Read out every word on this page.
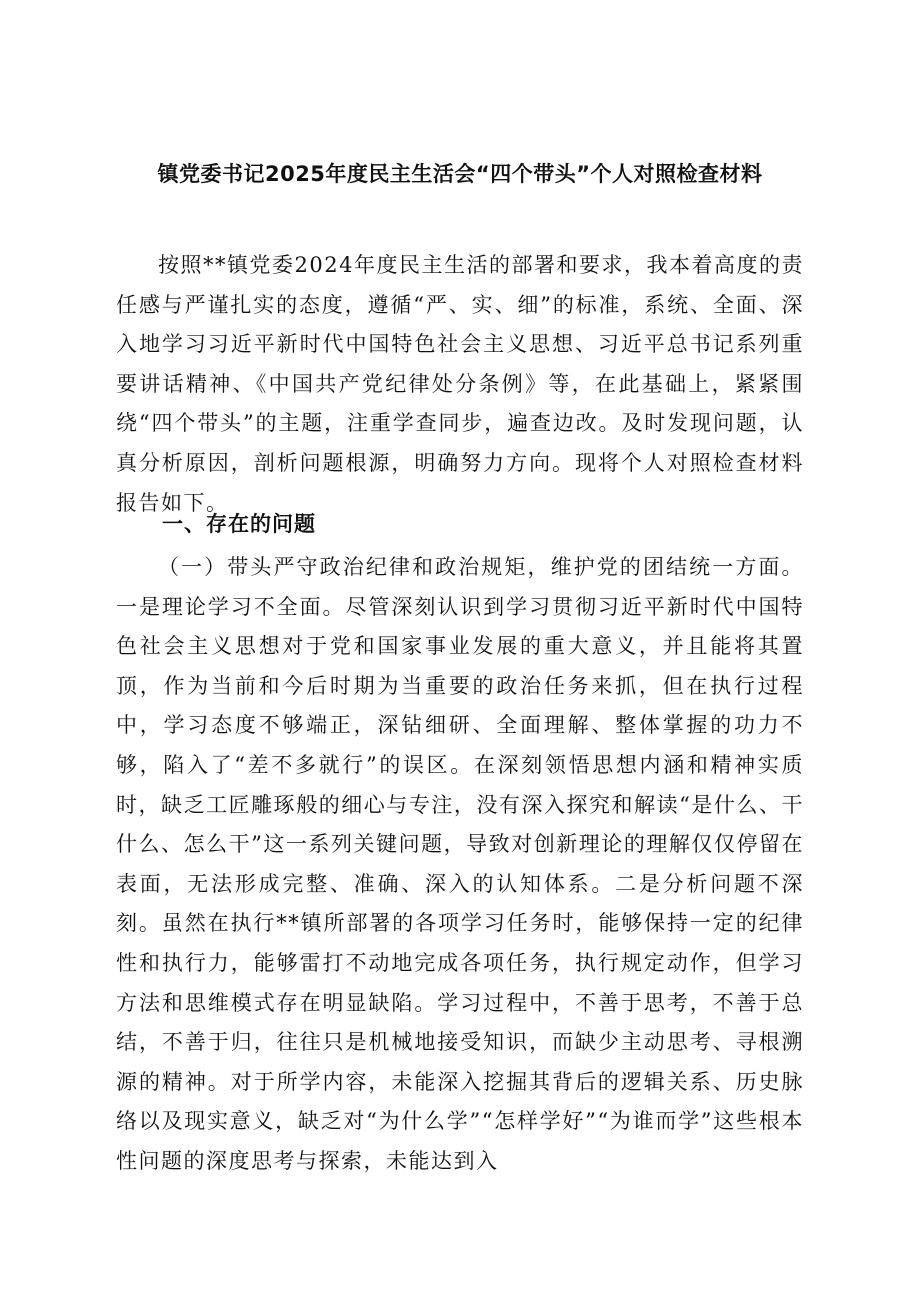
镇党委书记2025年度民主生活会“四个带头”个人对照检查材料

按照**镇党委2024年度民主生活的部署和要求，我本着高度的责任感与严谨扎实的态度，遵循“严、实、细”的标准，系统、全面、深入地学习习近平新时代中国特色社会主义思想、习近平总书记系列重要讲话精神、《中国共产党纪律处分条例》等，在此基础上，紧紧围绕“四个带头”的主题，注重学查同步，遍查边改。及时发现问题，认真分析原因，剖析问题根源，明确努力方向。现将个人对照检查材料报告如下。

一、存在的问题

（一）带头严守政治纪律和政治规矩，维护党的团结统一方面。一是理论学习不全面。尽管深刻认识到学习贯彻习近平新时代中国特色社会主义思想对于党和国家事业发展的重大意义，并且能将其置顶，作为当前和今后时期为当重要的政治任务来抓，但在执行过程中，学习态度不够端正，深钻细研、全面理解、整体掌握的功力不够，陷入了“差不多就行”的误区。在深刻领悟思想内涵和精神实质时，缺乏工匠雕琢般的细心与专注，没有深入探究和解读“是什么、干什么、怎么干”这一系列关键问题，导致对创新理论的理解仅仅停留在表面，无法形成完整、准确、深入的认知体系。二是分析问题不深刻。虽然在执行**镇所部署的各项学习任务时，能够保持一定的纪律性和执行力，能够雷打不动地完成各项任务，执行规定动作，但学习方法和思维模式存在明显缺陷。学习过程中，不善于思考，不善于总结，不善于归，往往只是机械地接受知识，而缺少主动思考、寻根溯源的精神。对于所学内容，未能深入挖掘其背后的逻辑关系、历史脉络以及现实意义，缺乏对“为什么学”“怎样学好”“为谁而学”这些根本性问题的深度思考与探索，未能达到入
